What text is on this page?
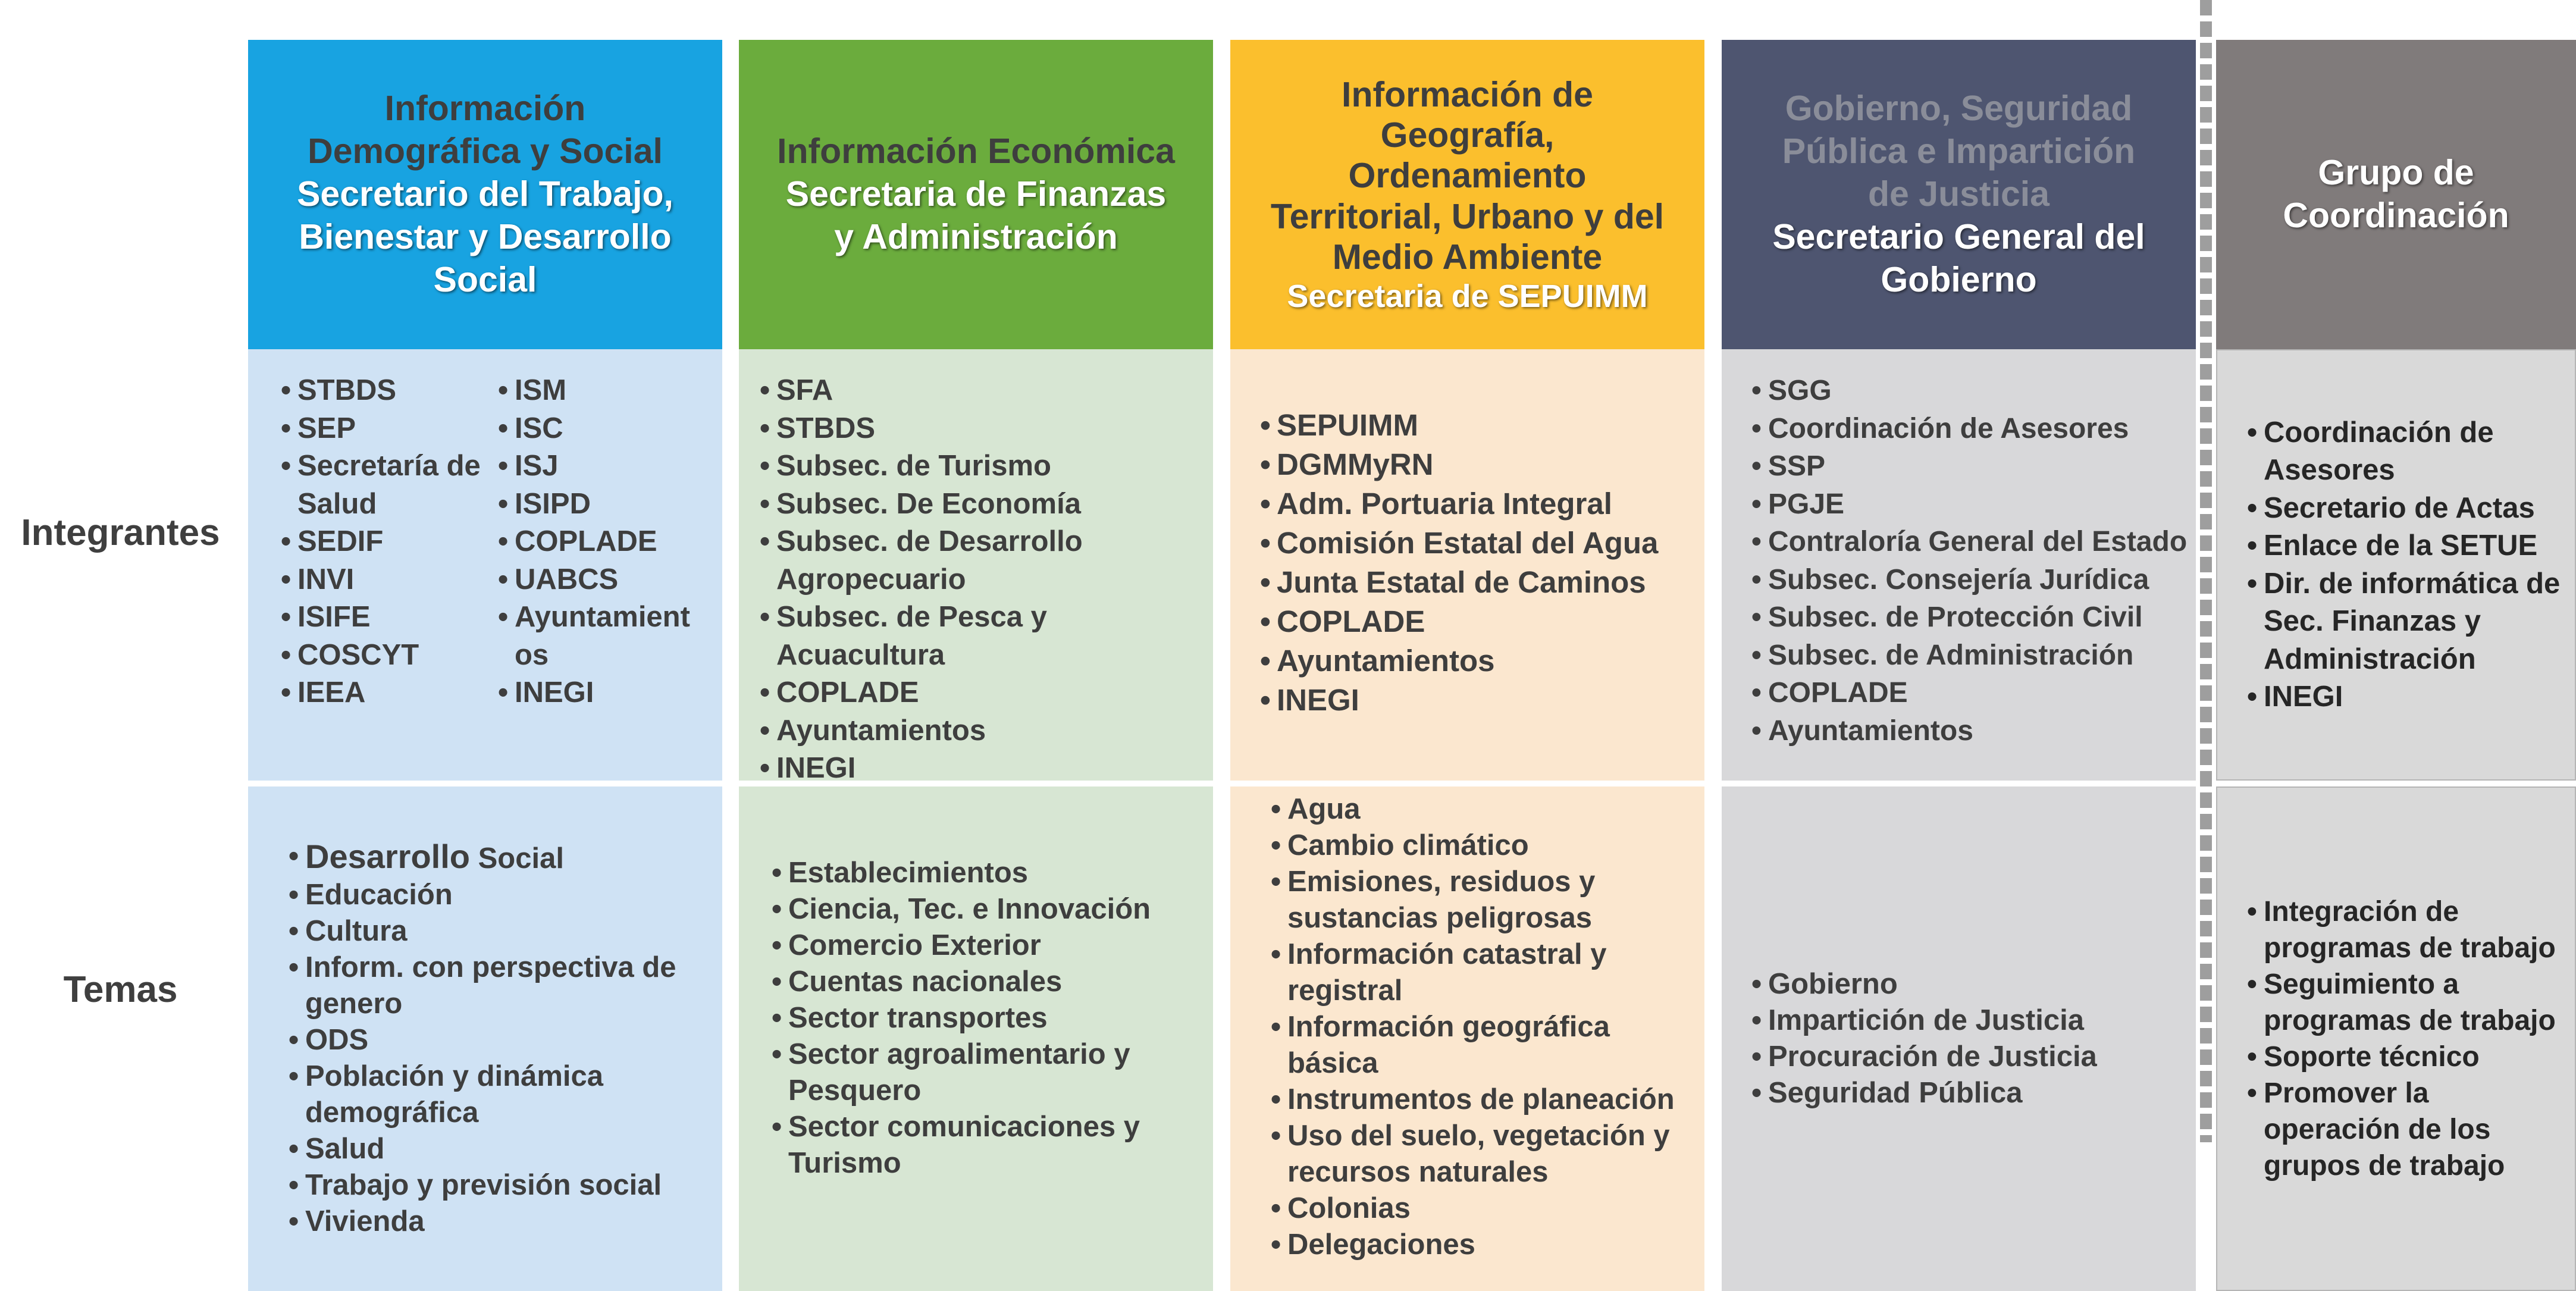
Integrantes
Temas
Información
Demográfica y Social
Secretario del Trabajo,
Bienestar y Desarrollo
Social
• STBDS
• SEP
• Secretaría de Salud
• SEDIF
• INVI
• ISIFE
• COSCYT
• IEEA
• ISM
• ISC
• ISJ
• ISIPD
• COPLADE
• UABCS
• Ayuntamientos
• INEGI
• Desarrollo Social
• Educación
• Cultura
• Inform. con perspectiva de genero
• ODS
• Población y dinámica demográfica
• Salud
• Trabajo y previsión social
• Vivienda
Información Económica
Secretaria de Finanzas
y Administración
• SFA
• STBDS
• Subsec. de Turismo
• Subsec. De Economía
• Subsec. de Desarrollo Agropecuario
• Subsec. de Pesca y Acuacultura
• COPLADE
• Ayuntamientos
• INEGI
• Establecimientos
• Ciencia, Tec. e Innovación
• Comercio Exterior
• Cuentas nacionales
• Sector transportes
• Sector agroalimentario y Pesquero
• Sector comunicaciones y Turismo
Información de
Geografía,
Ordenamiento
Territorial, Urbano y del
Medio Ambiente
Secretaria de SEPUIMM
• SEPUIMM
• DGMMyRN
• Adm. Portuaria Integral
• Comisión Estatal del Agua
• Junta Estatal de Caminos
• COPLADE
• Ayuntamientos
• INEGI
• Agua
• Cambio climático
• Emisiones, residuos y sustancias peligrosas
• Información catastral y registral
• Información geográfica básica
• Instrumentos de planeación
• Uso del suelo, vegetación y recursos naturales
• Colonias
• Delegaciones
Gobierno, Seguridad
Pública e Impartición
de Justicia
Secretario General del
Gobierno
• SGG
• Coordinación de Asesores
• SSP
• PGJE
• Contraloría General del Estado
• Subsec. Consejería Jurídica
• Subsec. de Protección Civil
• Subsec. de Administración
• COPLADE
• Ayuntamientos
• Gobierno
• Impartición de Justicia
• Procuración de Justicia
• Seguridad Pública
Grupo de
Coordinación
• Coordinación de Asesores
• Secretario de Actas
• Enlace de la SETUE
• Dir. de informática de Sec. Finanzas y Administración
• INEGI
• Integración de programas de trabajo
• Seguimiento a programas de trabajo
• Soporte técnico
• Promover la operación de los grupos de trabajo
